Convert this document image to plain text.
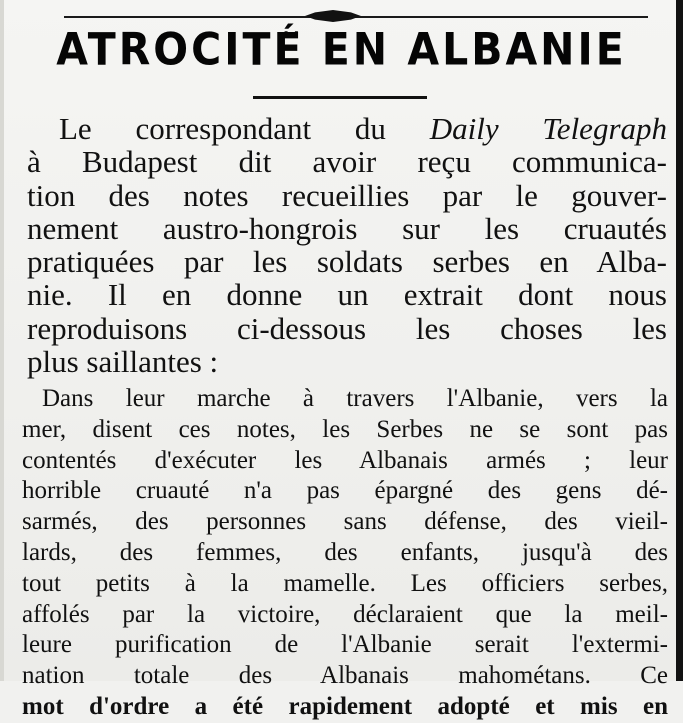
ATROCITÉ̆ EN ALBANIE
Le correspondant du Daily Telegraph
à Budapest dit avoir reçu communica-
tion des notes recueillies par le gouver-
nement austro-hongrois sur les cruautés
pratiquées par les soldats serbes en Alba-
nie. Il en donne un extrait dont nous
reproduisons ci-dessous les choses les
plus saillantes :
Dans leur marche à travers l'Albanie, vers la
mer, disent ces notes, les Serbes ne se sont pas
contentés d'exécuter les Albanais armés ; leur
horrible cruauté n'a pas épargné des gens dé-
sarmés, des personnes sans défense, des vieil-
lards, des femmes, des enfants, jusqu'à des
tout petits à la mamelle. Les officiers serbes,
affolés par la victoire, déclaraient que la meil-
leure purification de l'Albanie serait l'extermi-
nation totale des Albanais mahométans. Ce
mot d'ordre a été rapidement adopté et mis en
